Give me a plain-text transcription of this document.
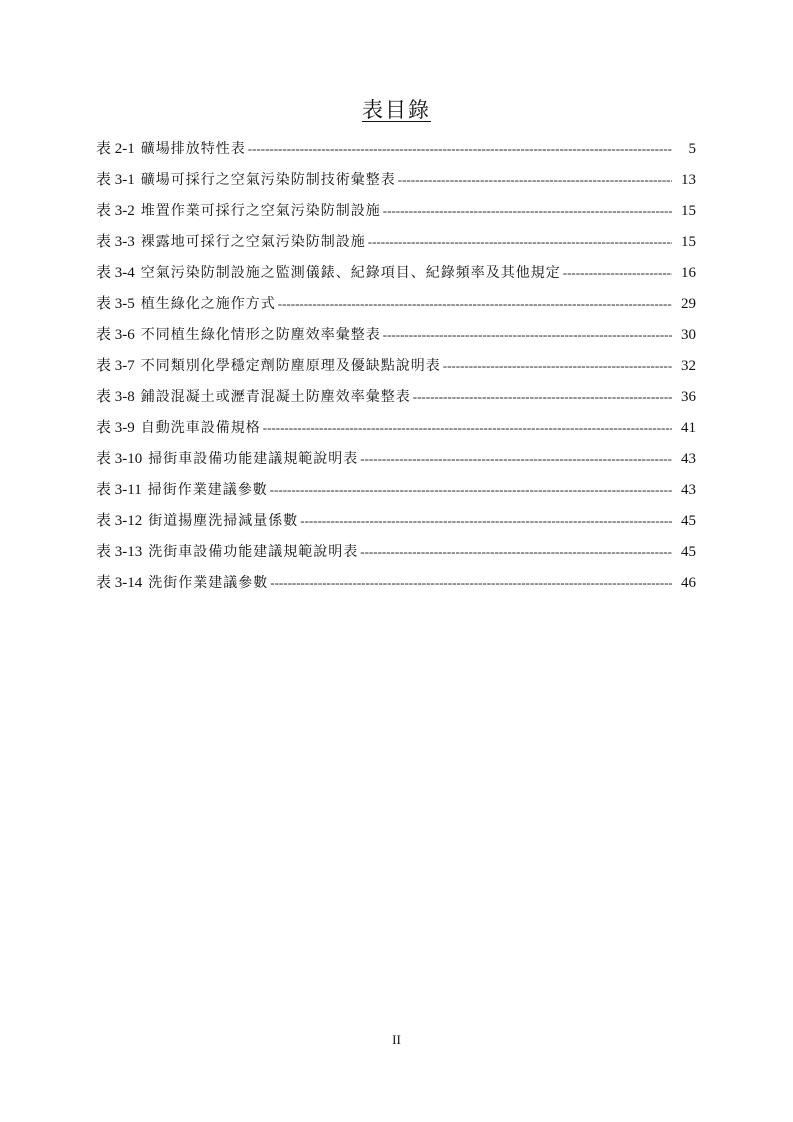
表目錄
表 2-1 礦場排放特性表 -----	5
表 3-1 礦場可採行之空氣污染防制技術彙整表 -----	13
表 3-2 堆置作業可採行之空氣污染防制設施 -----	15
表 3-3 裸露地可採行之空氣污染防制設施 -----	15
表 3-4 空氣污染防制設施之監測儀錶、紀錄項目、紀錄頻率及其他規定 -----	16
表 3-5 植生綠化之施作方式 -----	29
表 3-6 不同植生綠化情形之防塵效率彙整表 -----	30
表 3-7 不同類別化學穩定劑防塵原理及優缺點說明表 -----	32
表 3-8 鋪設混凝土或瀝青混凝土防塵效率彙整表 -----	36
表 3-9 自動洗車設備規格 -----	41
表 3-10 掃街車設備功能建議規範說明表 -----	43
表 3-11 掃街作業建議參數 -----	43
表 3-12 街道揚塵洗掃減量係數 -----	45
表 3-13 洗街車設備功能建議規範說明表 -----	45
表 3-14 洗街作業建議參數 -----	46
II
